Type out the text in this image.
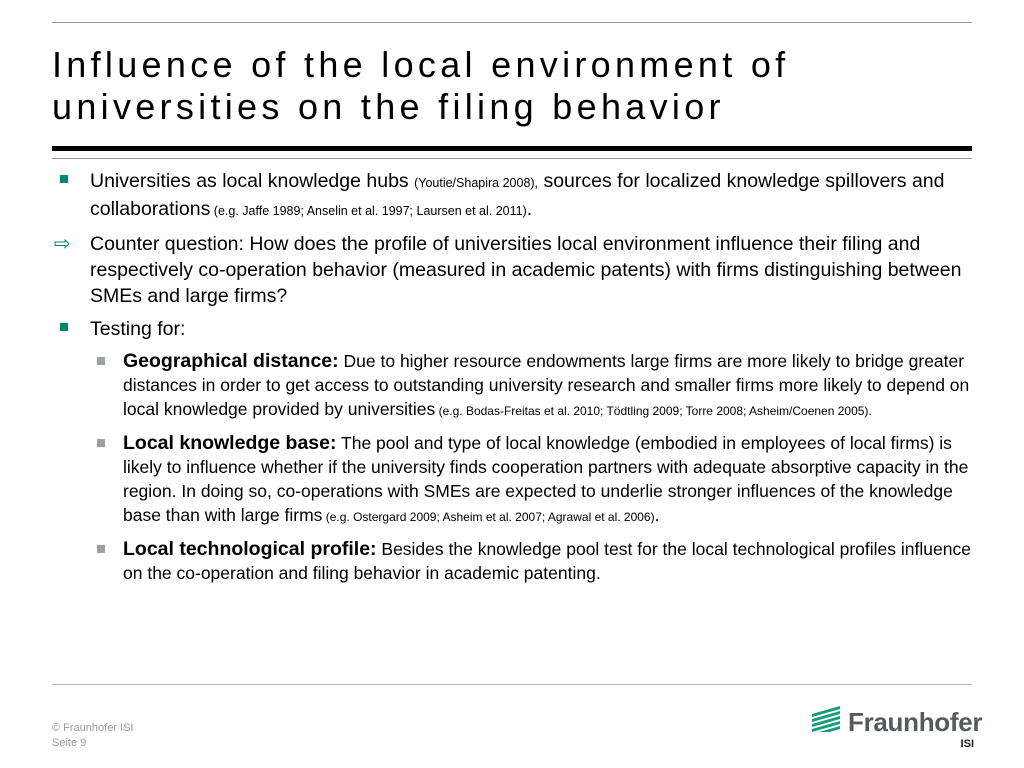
Influence of the local environment of
universities on the filing behavior
Universities as local knowledge hubs (Youtie/Shapira 2008), sources for localized knowledge spillovers and collaborations (e.g. Jaffe 1989; Anselin et al. 1997; Laursen et al. 2011).
⇨ Counter question: How does the profile of universities local environment influence their filing and respectively co-operation behavior (measured in academic patents) with firms distinguishing between SMEs and large firms?
Testing for:
Geographical distance: Due to higher resource endowments large firms are more likely to bridge greater distances in order to get access to outstanding university research and smaller firms more likely to depend on local knowledge provided by universities (e.g. Bodas-Freitas et al. 2010; Tödtling 2009; Torre 2008; Asheim/Coenen 2005).
Local knowledge base: The pool and type of local knowledge (embodied in employees of local firms) is likely to influence whether if the university finds cooperation partners with adequate absorptive capacity in the region. In doing so, co-operations with SMEs are expected to underlie stronger influences of the knowledge base than with large firms (e.g. Ostergard 2009; Asheim et al. 2007; Agrawal et al. 2006).
Local technological profile: Besides the knowledge pool test for the local technological profiles influence on the co-operation and filing behavior in academic patenting.
© Fraunhofer ISI
Seite 9
Fraunhofer
ISI
